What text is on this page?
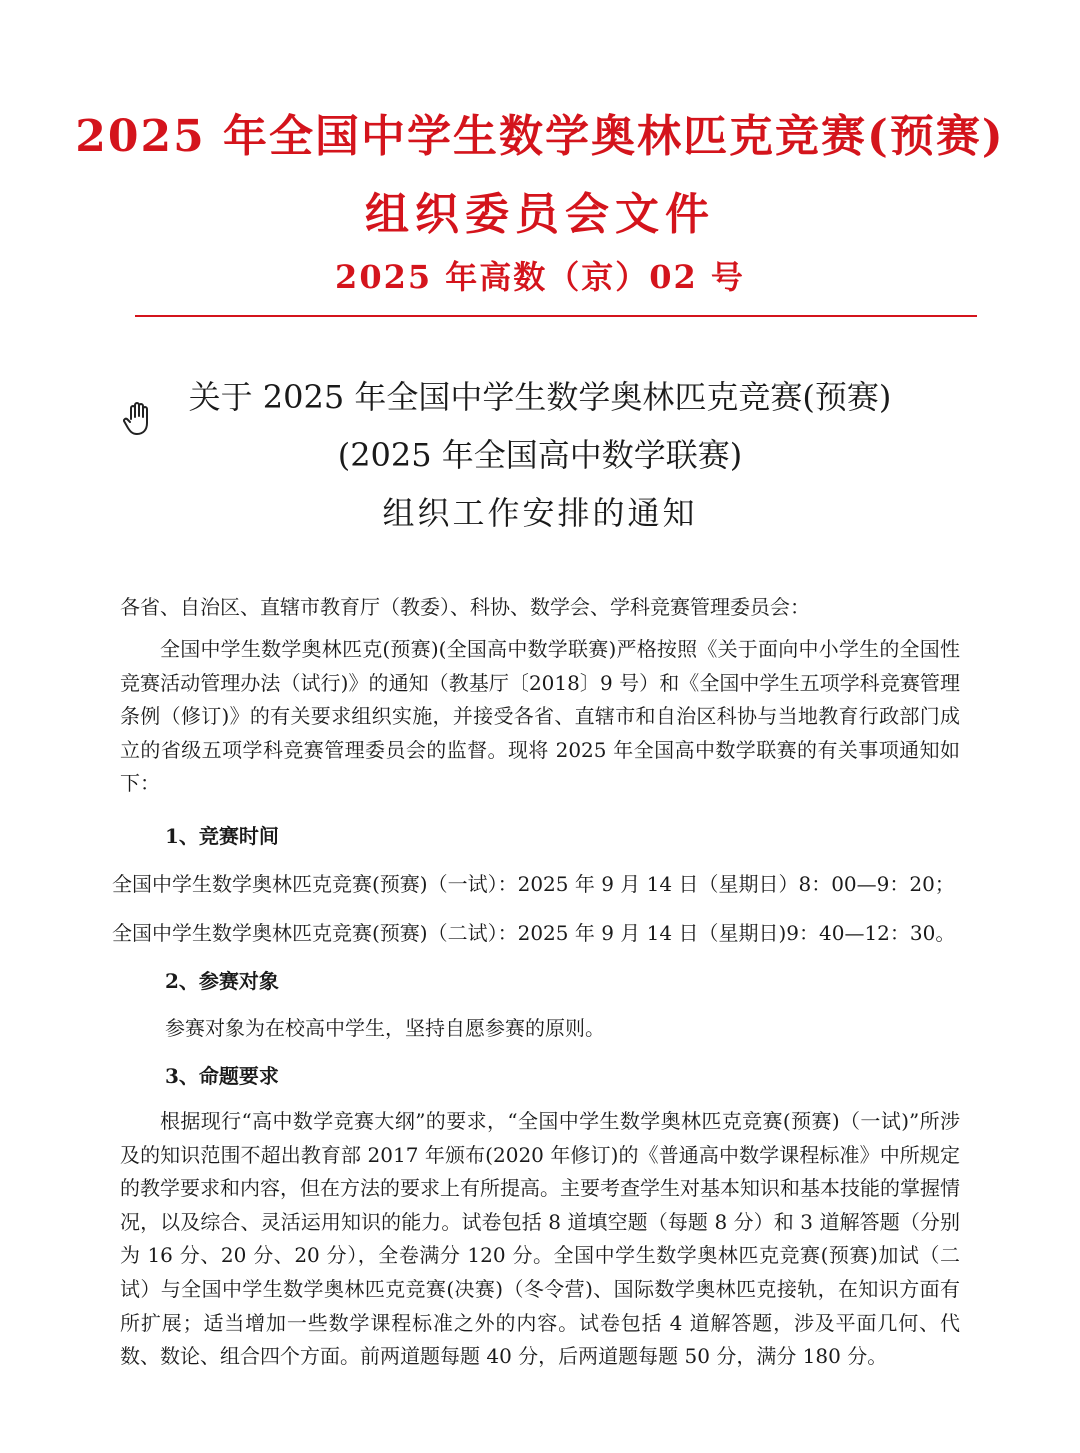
2025 年全国中学生数学奥林匹克竞赛(预赛)
组织委员会文件
2025 年高数（京）02 号
关于 2025 年全国中学生数学奥林匹克竞赛(预赛)
(2025 年全国高中数学联赛)
组织工作安排的通知
各省、自治区、直辖市教育厅（教委）、科协、数学会、学科竞赛管理委员会：
全国中学生数学奥林匹克(预赛)(全国高中数学联赛)严格按照《关于面向中小学生的全国性竞赛活动管理办法（试行)》的通知（教基厅〔2018〕9 号）和《全国中学生五项学科竞赛管理条例（修订)》的有关要求组织实施，并接受各省、直辖市和自治区科协与当地教育行政部门成立的省级五项学科竞赛管理委员会的监督。现将 2025 年全国高中数学联赛的有关事项通知如下：
1、竞赛时间
全国中学生数学奥林匹克竞赛(预赛)（一试）：2025 年 9 月 14 日（星期日）8：00—9：20；
全国中学生数学奥林匹克竞赛(预赛)（二试）：2025 年 9 月 14 日（星期日)9：40—12：30。
2、参赛对象
参赛对象为在校高中学生，坚持自愿参赛的原则。
3、命题要求
根据现行“高中数学竞赛大纲”的要求，“全国中学生数学奥林匹克竞赛(预赛)（一试)”所涉及的知识范围不超出教育部 2017 年颁布(2020 年修订)的《普通高中数学课程标准》中所规定的教学要求和内容，但在方法的要求上有所提高。主要考查学生对基本知识和基本技能的掌握情况，以及综合、灵活运用知识的能力。试卷包括 8 道填空题（每题 8 分）和 3 道解答题（分别为 16 分、20 分、20 分），全卷满分 120 分。全国中学生数学奥林匹克竞赛(预赛)加试（二试）与全国中学生数学奥林匹克竞赛(决赛)（冬令营)、国际数学奥林匹克接轨，在知识方面有所扩展；适当增加一些数学课程标准之外的内容。试卷包括 4 道解答题，涉及平面几何、代数、数论、组合四个方面。前两道题每题 40 分，后两道题每题 50 分，满分 180 分。
